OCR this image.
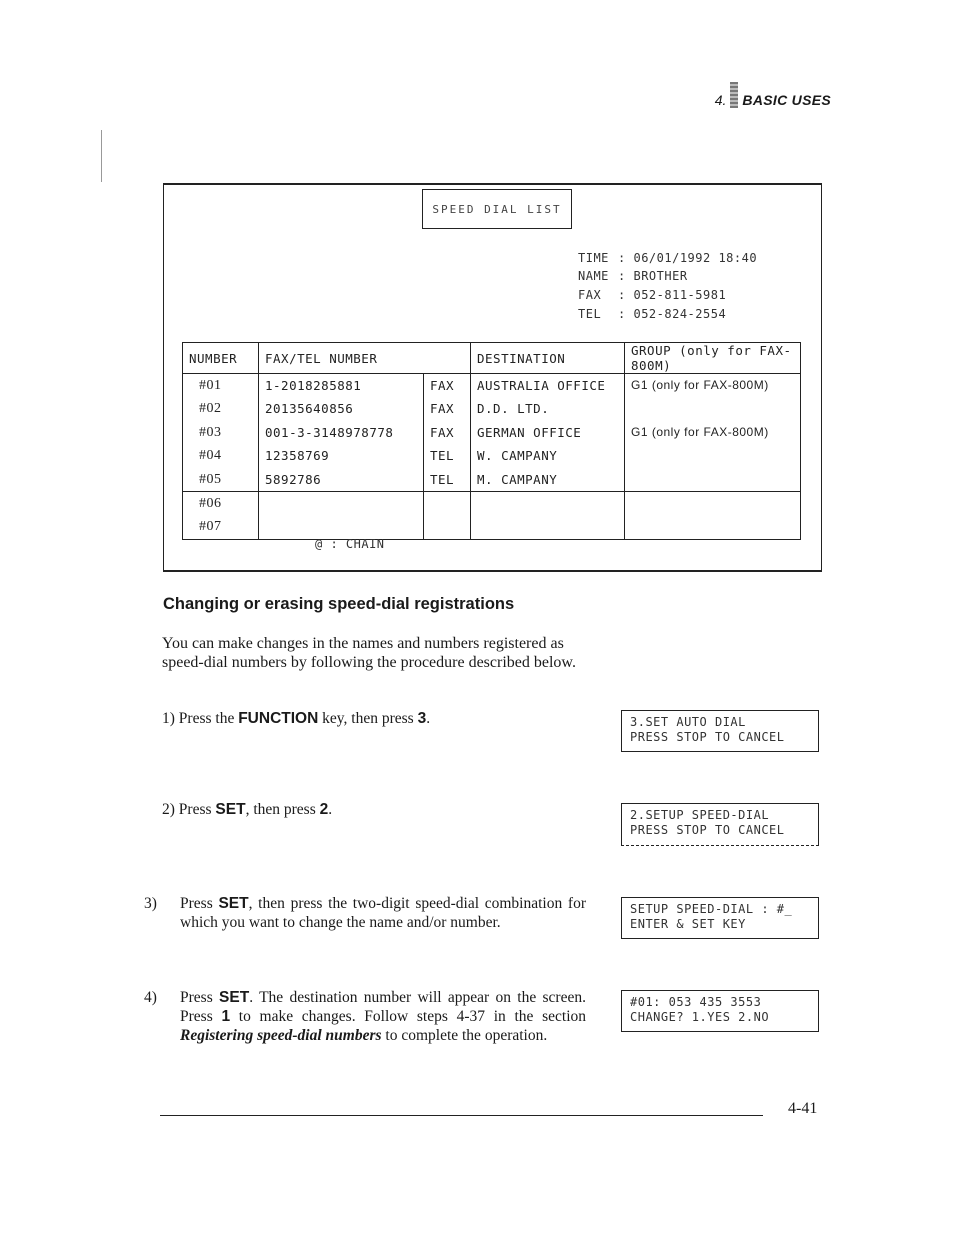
4. BASIC USES
SPEED DIAL LIST
TIME : 06/01/1992 18:40
NAME : BROTHER
FAX : 052-811-5981
TEL : 052-824-2554
NUMBER	FAX/TEL NUMBER		DESTINATION	GROUP (only for FAX-800M)
#01	1-2018285881	FAX	AUSTRALIA OFFICE	G1 (only for FAX-800M)
#02	20135640856	FAX	D.D. LTD.	
#03	001-3-3148978778	FAX	GERMAN OFFICE	G1 (only for FAX-800M)
#04	12358769	TEL	W. CAMPANY	
#05	5892786	TEL	M. CAMPANY	
#06				
#07				
@ : CHAIN
Changing or erasing speed-dial registrations
You can make changes in the names and numbers registered as speed-dial numbers by following the procedure described below.
1) Press the FUNCTION key, then press 3.	3.SET AUTO DIAL
PRESS STOP TO CANCEL
2) Press SET, then press 2.	2.SETUP SPEED-DIAL
PRESS STOP TO CANCEL
3) Press SET, then press the two-digit speed-dial combination for which you want to change the name and/or number.
SETUP SPEED-DIAL : #_
ENTER & SET KEY
4) Press SET. The destination number will appear on the screen. Press 1 to make changes. Follow steps 4-37 in the section Registering speed-dial numbers to complete the operation.
#01: 053 435 3553
CHANGE? 1.YES 2.NO
4-41
